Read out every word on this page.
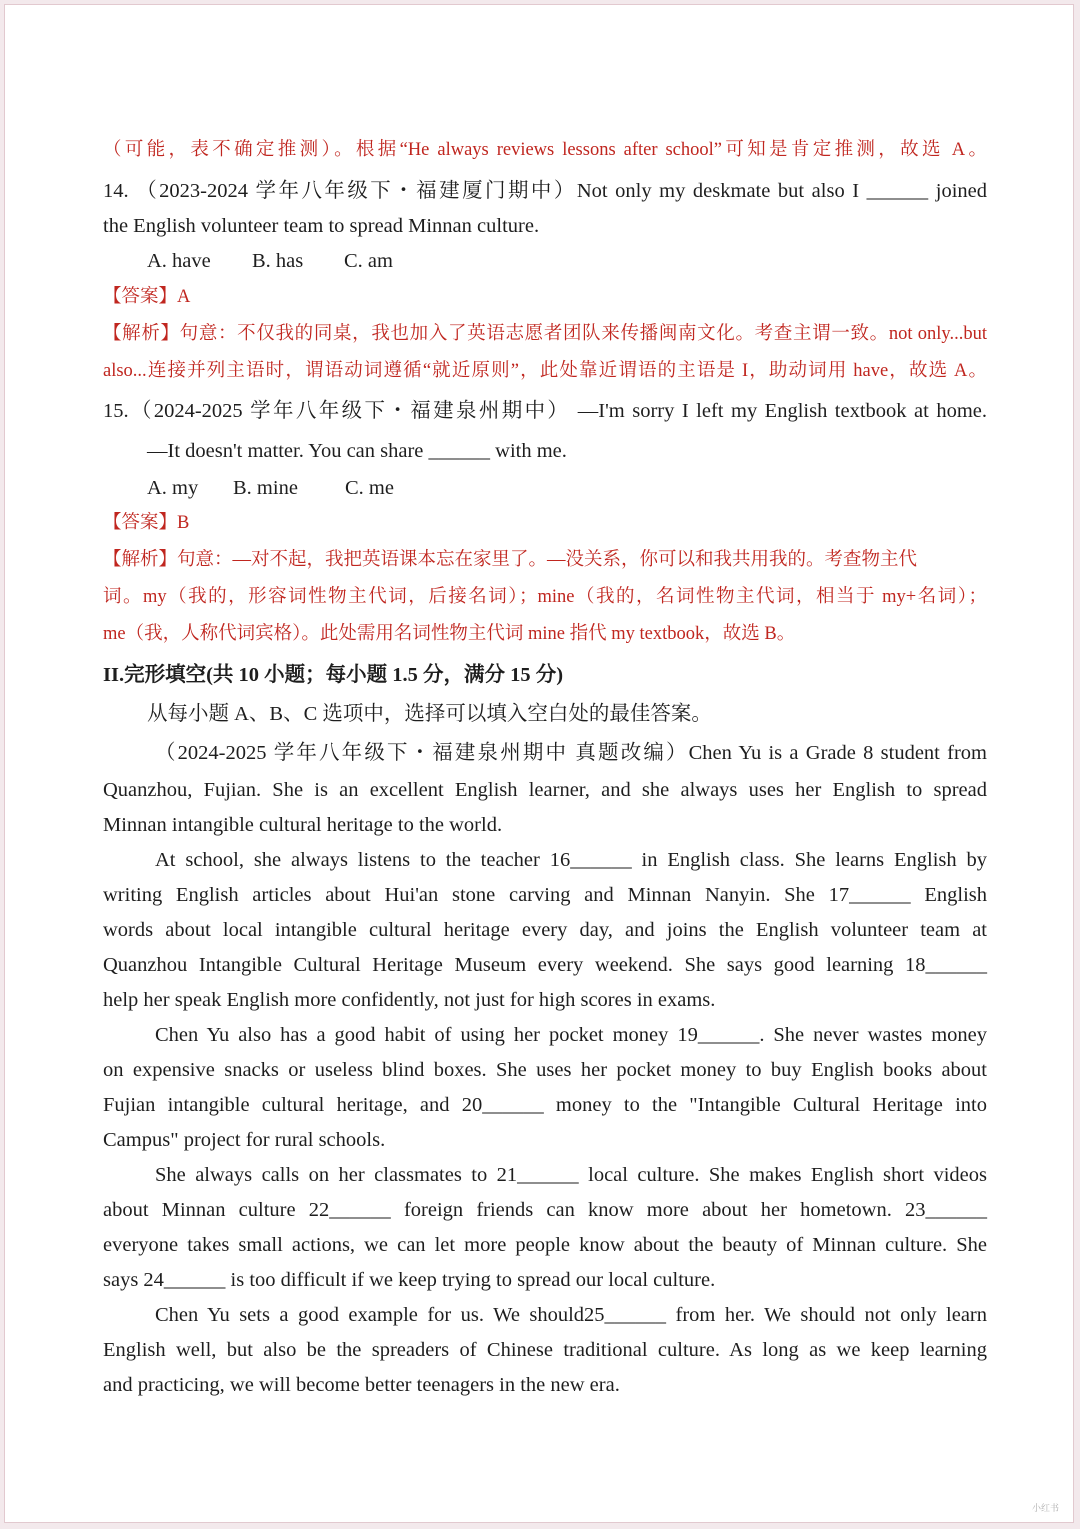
（可能，表不确定推测）。根据“He always reviews lessons after school”可知是肯定推测，故选 A。
14. （2023-2024 学年八年级下・福建厦门期中）Not only my deskmate but also I ______ joined
the English volunteer team to spread Minnan culture.
A. have B. has C. am
【答案】A
【解析】句意：不仅我的同桌，我也加入了英语志愿者团队来传播闽南文化。考查主谓一致。not only...but
also...连接并列主语时，谓语动词遵循“就近原则”，此处靠近谓语的主语是 I，助动词用 have，故选 A。
15.（2024-2025 学年八年级下・福建泉州期中） —I'm sorry I left my English textbook at home.
—It doesn't matter. You can share ______ with me.
A. my B. mine C. me
【答案】B
【解析】句意：—对不起，我把英语课本忘在家里了。—没关系，你可以和我共用我的。考查物主代
词。my（我的，形容词性物主代词，后接名词）；mine（我的，名词性物主代词，相当于 my+名词）；
me（我，人称代词宾格）。此处需用名词性物主代词 mine 指代 my textbook，故选 B。
II.完形填空(共 10 小题；每小题 1.5 分，满分 15 分)
从每小题 A、B、C 选项中，选择可以填入空白处的最佳答案。
（2024-2025 学年八年级下・福建泉州期中 真题改编）Chen Yu is a Grade 8 student from
Quanzhou, Fujian. She is an excellent English learner, and she always uses her English to spread
Minnan intangible cultural heritage to the world.
At school, she always listens to the teacher 16______ in English class. She learns English by
writing English articles about Hui'an stone carving and Minnan Nanyin. She 17______ English
words about local intangible cultural heritage every day, and joins the English volunteer team at
Quanzhou Intangible Cultural Heritage Museum every weekend. She says good learning 18______
help her speak English more confidently, not just for high scores in exams.
Chen Yu also has a good habit of using her pocket money 19______. She never wastes money
on expensive snacks or useless blind boxes. She uses her pocket money to buy English books about
Fujian intangible cultural heritage, and 20______ money to the "Intangible Cultural Heritage into
Campus" project for rural schools.
She always calls on her classmates to 21______ local culture. She makes English short videos
about Minnan culture 22______ foreign friends can know more about her hometown. 23______
everyone takes small actions, we can let more people know about the beauty of Minnan culture. She
says 24______ is too difficult if we keep trying to spread our local culture.
Chen Yu sets a good example for us. We should25______ from her. We should not only learn
English well, but also be the spreaders of Chinese traditional culture. As long as we keep learning
and practicing, we will become better teenagers in the new era.
小红书
